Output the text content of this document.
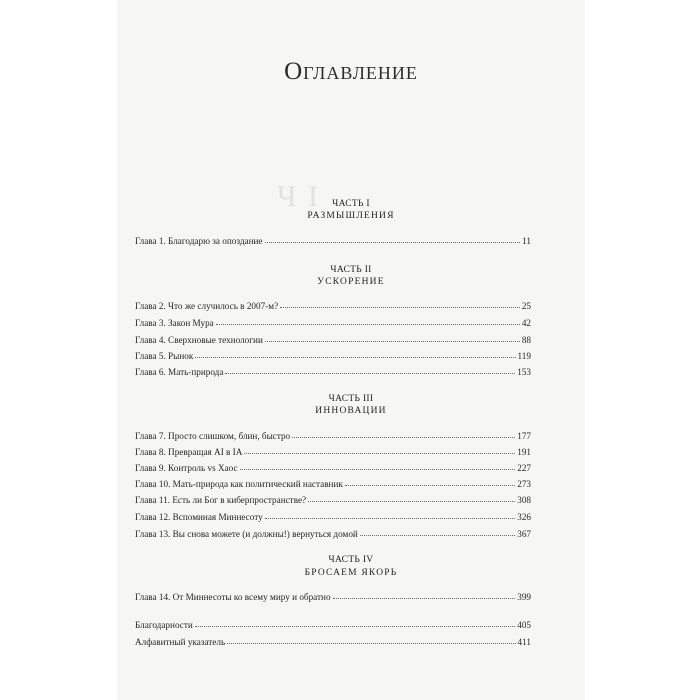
Ч I
Оглавление
ЧАСТЬ I
РАЗМЫШЛЕНИЯ
Глава 1. Благодарю за опоздание	11
ЧАСТЬ II
УСКОРЕНИЕ
Глава 2. Что же случилось в 2007-м?	25
Глава 3. Закон Мура	42
Глава 4. Сверхновые технологии	88
Глава 5. Рынок	119
Глава 6. Мать-природа	153
ЧАСТЬ III
ИННОВАЦИИ
Глава 7. Просто слишком, блин, быстро	177
Глава 8. Превращая AI в IA	191
Глава 9. Контроль vs Хаос	227
Глава 10. Мать-природа как политический наставник	273
Глава 11. Есть ли Бог в киберпространстве?	308
Глава 12. Вспоминая Миннесоту	326
Глава 13. Вы снова можете (и должны!) вернуться домой	367
ЧАСТЬ IV
БРОСАЕМ ЯКОРЬ
Глава 14. От Миннесоты ко всему миру и обратно	399
Благодарности	405
Алфавитный указатель	411
